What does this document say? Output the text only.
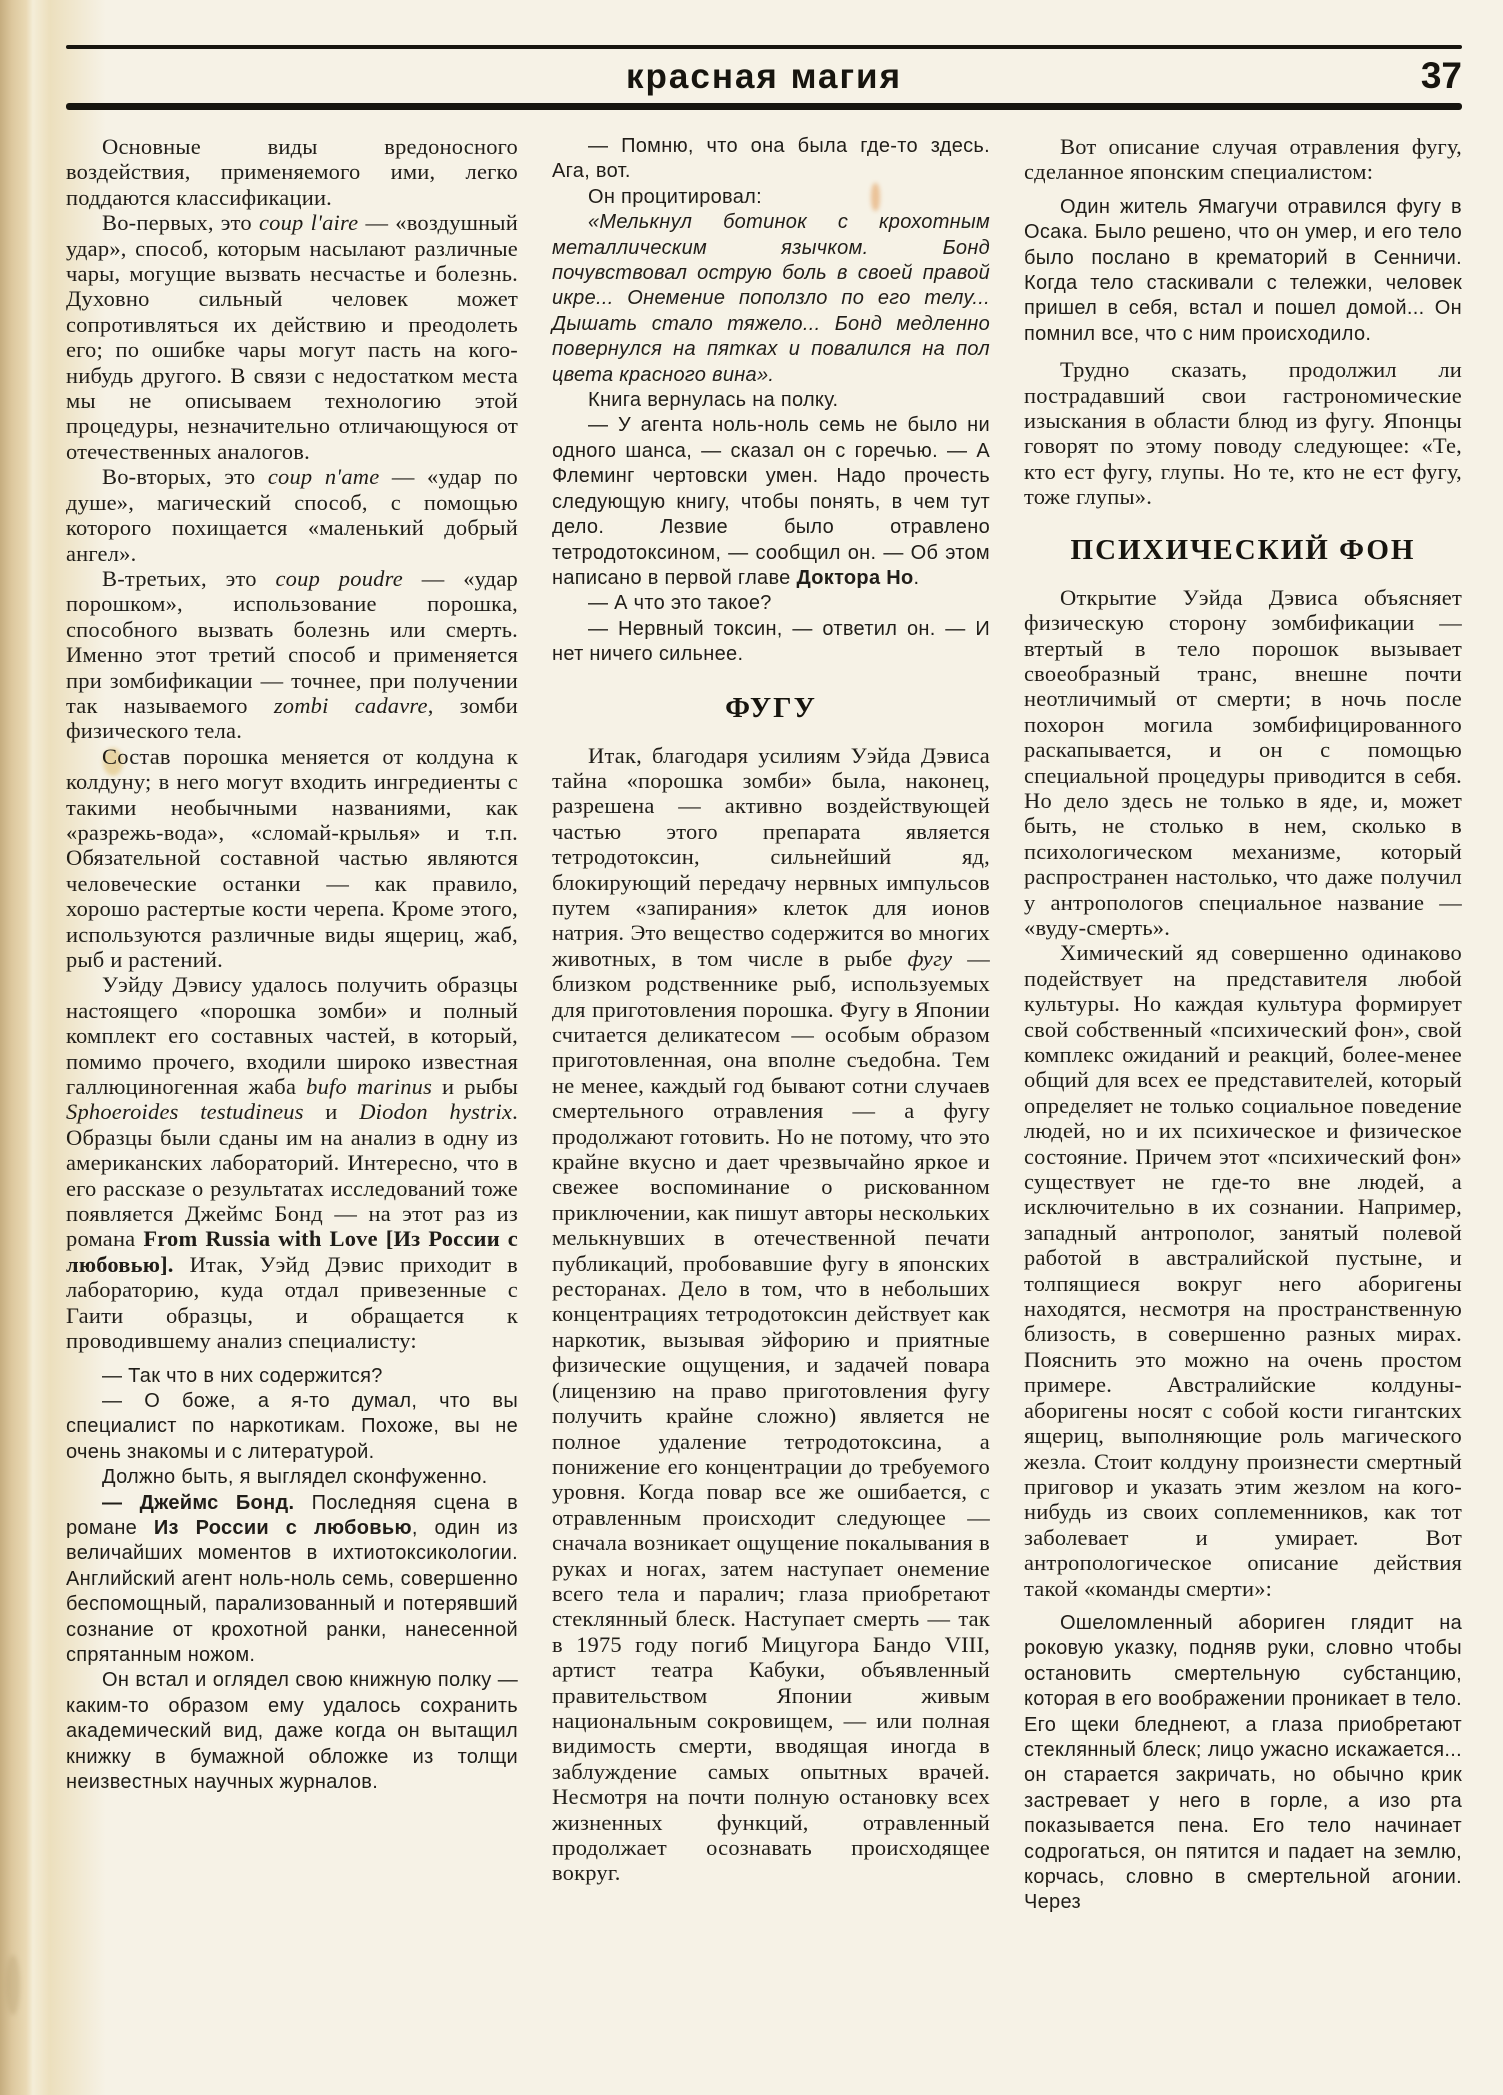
красная магия	37

Основные виды вредоносного воздействия, применяемого ими, легко поддаются классификации.

Во-первых, это coup l'aire — «воздушный удар», способ, которым насылают различные чары, могущие вызвать несчастье и болезнь. Духовно сильный человек может сопротивляться их действию и преодолеть его; по ошибке чары могут пасть на кого-нибудь другого. В связи с недостатком места мы не описываем технологию этой процедуры, незначительно отличающуюся от отечественных аналогов.

Во-вторых, это coup n'ame — «удар по душе», магический способ, с помощью которого похищается «маленький добрый ангел».

В-третьих, это coup poudre — «удар порошком», использование порошка, способного вызвать болезнь или смерть. Именно этот третий способ и применяется при зомбификации — точнее, при получении так называемого zombi cadavre, зомби физического тела.

Состав порошка меняется от колдуна к колдуну; в него могут входить ингредиенты с такими необычными названиями, как «разрежь-вода», «сломай-крылья» и т.п. Обязательной составной частью являются человеческие останки — как правило, хорошо растертые кости черепа. Кроме этого, используются различные виды ящериц, жаб, рыб и растений.

Уэйду Дэвису удалось получить образцы настоящего «порошка зомби» и полный комплект его составных частей, в который, помимо прочего, входили широко известная галлюциногенная жаба bufo marinus и рыбы Sphoeroides testudineus и Diodon hystrix. Образцы были сданы им на анализ в одну из американских лабораторий. Интересно, что в его рассказе о результатах исследований тоже появляется Джеймс Бонд — на этот раз из романа From Russia with Love [Из России с любовью]. Итак, Уэйд Дэвис приходит в лабораторию, куда отдал привезенные с Гаити образцы, и обращается к проводившему анализ специалисту:

— Так что в них содержится?

— О боже, а я-то думал, что вы специалист по наркотикам. Похоже, вы не очень знакомы и с литературой.

Должно быть, я выглядел сконфуженно.

— Джеймс Бонд. Последняя сцена в романе Из России с любовью, один из величайших моментов в ихтиотоксикологии. Английский агент ноль-ноль семь, совершенно беспомощный, парализованный и потерявший сознание от крохотной ранки, нанесенной спрятанным ножом.

Он встал и оглядел свою книжную полку — каким-то образом ему удалось сохранить академический вид, даже когда он вытащил книжку в бумажной обложке из толщи неизвестных научных журналов.

— Помню, что она была где-то здесь. Ага, вот.

Он процитировал:

«Мелькнул ботинок с крохотным металлическим язычком. Бонд почувствовал острую боль в своей правой икре... Онемение поползло по его телу... Дышать стало тяжело... Бонд медленно повернулся на пятках и повалился на пол цвета красного вина».

Книга вернулась на полку.

— У агента ноль-ноль семь не было ни одного шанса, — сказал он с горечью. — А Флеминг чертовски умен. Надо прочесть следующую книгу, чтобы понять, в чем тут дело. Лезвие было отравлено тетродотоксином, — сообщил он. — Об этом написано в первой главе Доктора Но.

— А что это такое?

— Нервный токсин, — ответил он. — И нет ничего сильнее.

ФУГУ

Итак, благодаря усилиям Уэйда Дэвиса тайна «порошка зомби» была, наконец, разрешена — активно воздействующей частью этого препарата является тетродотоксин, сильнейший яд, блокирующий передачу нервных импульсов путем «запирания» клеток для ионов натрия. Это вещество содержится во многих животных, в том числе в рыбе фугу — близком родственнике рыб, используемых для приготовления порошка. Фугу в Японии считается деликатесом — особым образом приготовленная, она вполне съедобна. Тем не менее, каждый год бывают сотни случаев смертельного отравления — а фугу продолжают готовить. Но не потому, что это крайне вкусно и дает чрезвычайно яркое и свежее воспоминание о рискованном приключении, как пишут авторы нескольких мелькнувших в отечественной печати публикаций, пробовавшие фугу в японских ресторанах. Дело в том, что в небольших концентрациях тетродотоксин действует как наркотик, вызывая эйфорию и приятные физические ощущения, и задачей повара (лицензию на право приготовления фугу получить крайне сложно) является не полное удаление тетродотоксина, а понижение его концентрации до требуемого уровня. Когда повар все же ошибается, с отравленным происходит следующее — сначала возникает ощущение покалывания в руках и ногах, затем наступает онемение всего тела и паралич; глаза приобретают стеклянный блеск. Наступает смерть — так в 1975 году погиб Мицугора Бандо VIII, артист театра Кабуки, объявленный правительством Японии живым национальным сокровищем, — или полная видимость смерти, вводящая иногда в заблуждение самых опытных врачей. Несмотря на почти полную остановку всех жизненных функций, отравленный продолжает осознавать происходящее вокруг.

Вот описание случая отравления фугу, сделанное японским специалистом:

Один житель Ямагучи отравился фугу в Осака. Было решено, что он умер, и его тело было послано в крематорий в Сенничи. Когда тело стаскивали с тележки, человек пришел в себя, встал и пошел домой... Он помнил все, что с ним происходило.

Трудно сказать, продолжил ли пострадавший свои гастрономические изыскания в области блюд из фугу. Японцы говорят по этому поводу следующее: «Те, кто ест фугу, глупы. Но те, кто не ест фугу, тоже глупы».

ПСИХИЧЕСКИЙ ФОН

Открытие Уэйда Дэвиса объясняет физическую сторону зомбификации — втертый в тело порошок вызывает своеобразный транс, внешне почти неотличимый от смерти; в ночь после похорон могила зомбифицированного раскапывается, и он с помощью специальной процедуры приводится в себя. Но дело здесь не только в яде, и, может быть, не столько в нем, сколько в психологическом механизме, который распространен настолько, что даже получил у антропологов специальное название — «вуду-смерть».

Химический яд совершенно одинаково подействует на представителя любой культуры. Но каждая культура формирует свой собственный «психический фон», свой комплекс ожиданий и реакций, более-менее общий для всех ее представителей, который определяет не только социальное поведение людей, но и их психическое и физическое состояние. Причем этот «психический фон» существует не где-то вне людей, а исключительно в их сознании. Например, западный антрополог, занятый полевой работой в австралийской пустыне, и толпящиеся вокруг него аборигены находятся, несмотря на пространственную близость, в совершенно разных мирах. Пояснить это можно на очень простом примере. Австралийские колдуны-аборигены носят с собой кости гигантских ящериц, выполняющие роль магического жезла. Стоит колдуну произнести смертный приговор и указать этим жезлом на кого-нибудь из своих соплеменников, как тот заболевает и умирает. Вот антропологическое описание действия такой «команды смерти»:

Ошеломленный абориген глядит на роковую указку, подняв руки, словно чтобы остановить смертельную субстанцию, которая в его воображении проникает в тело. Его щеки бледнеют, а глаза приобретают стеклянный блеск; лицо ужасно искажается... он старается закричать, но обычно крик застревает у него в горле, а изо рта показывается пена. Его тело начинает содрогаться, он пятится и падает на землю, корчась, словно в смертельной агонии. Через
